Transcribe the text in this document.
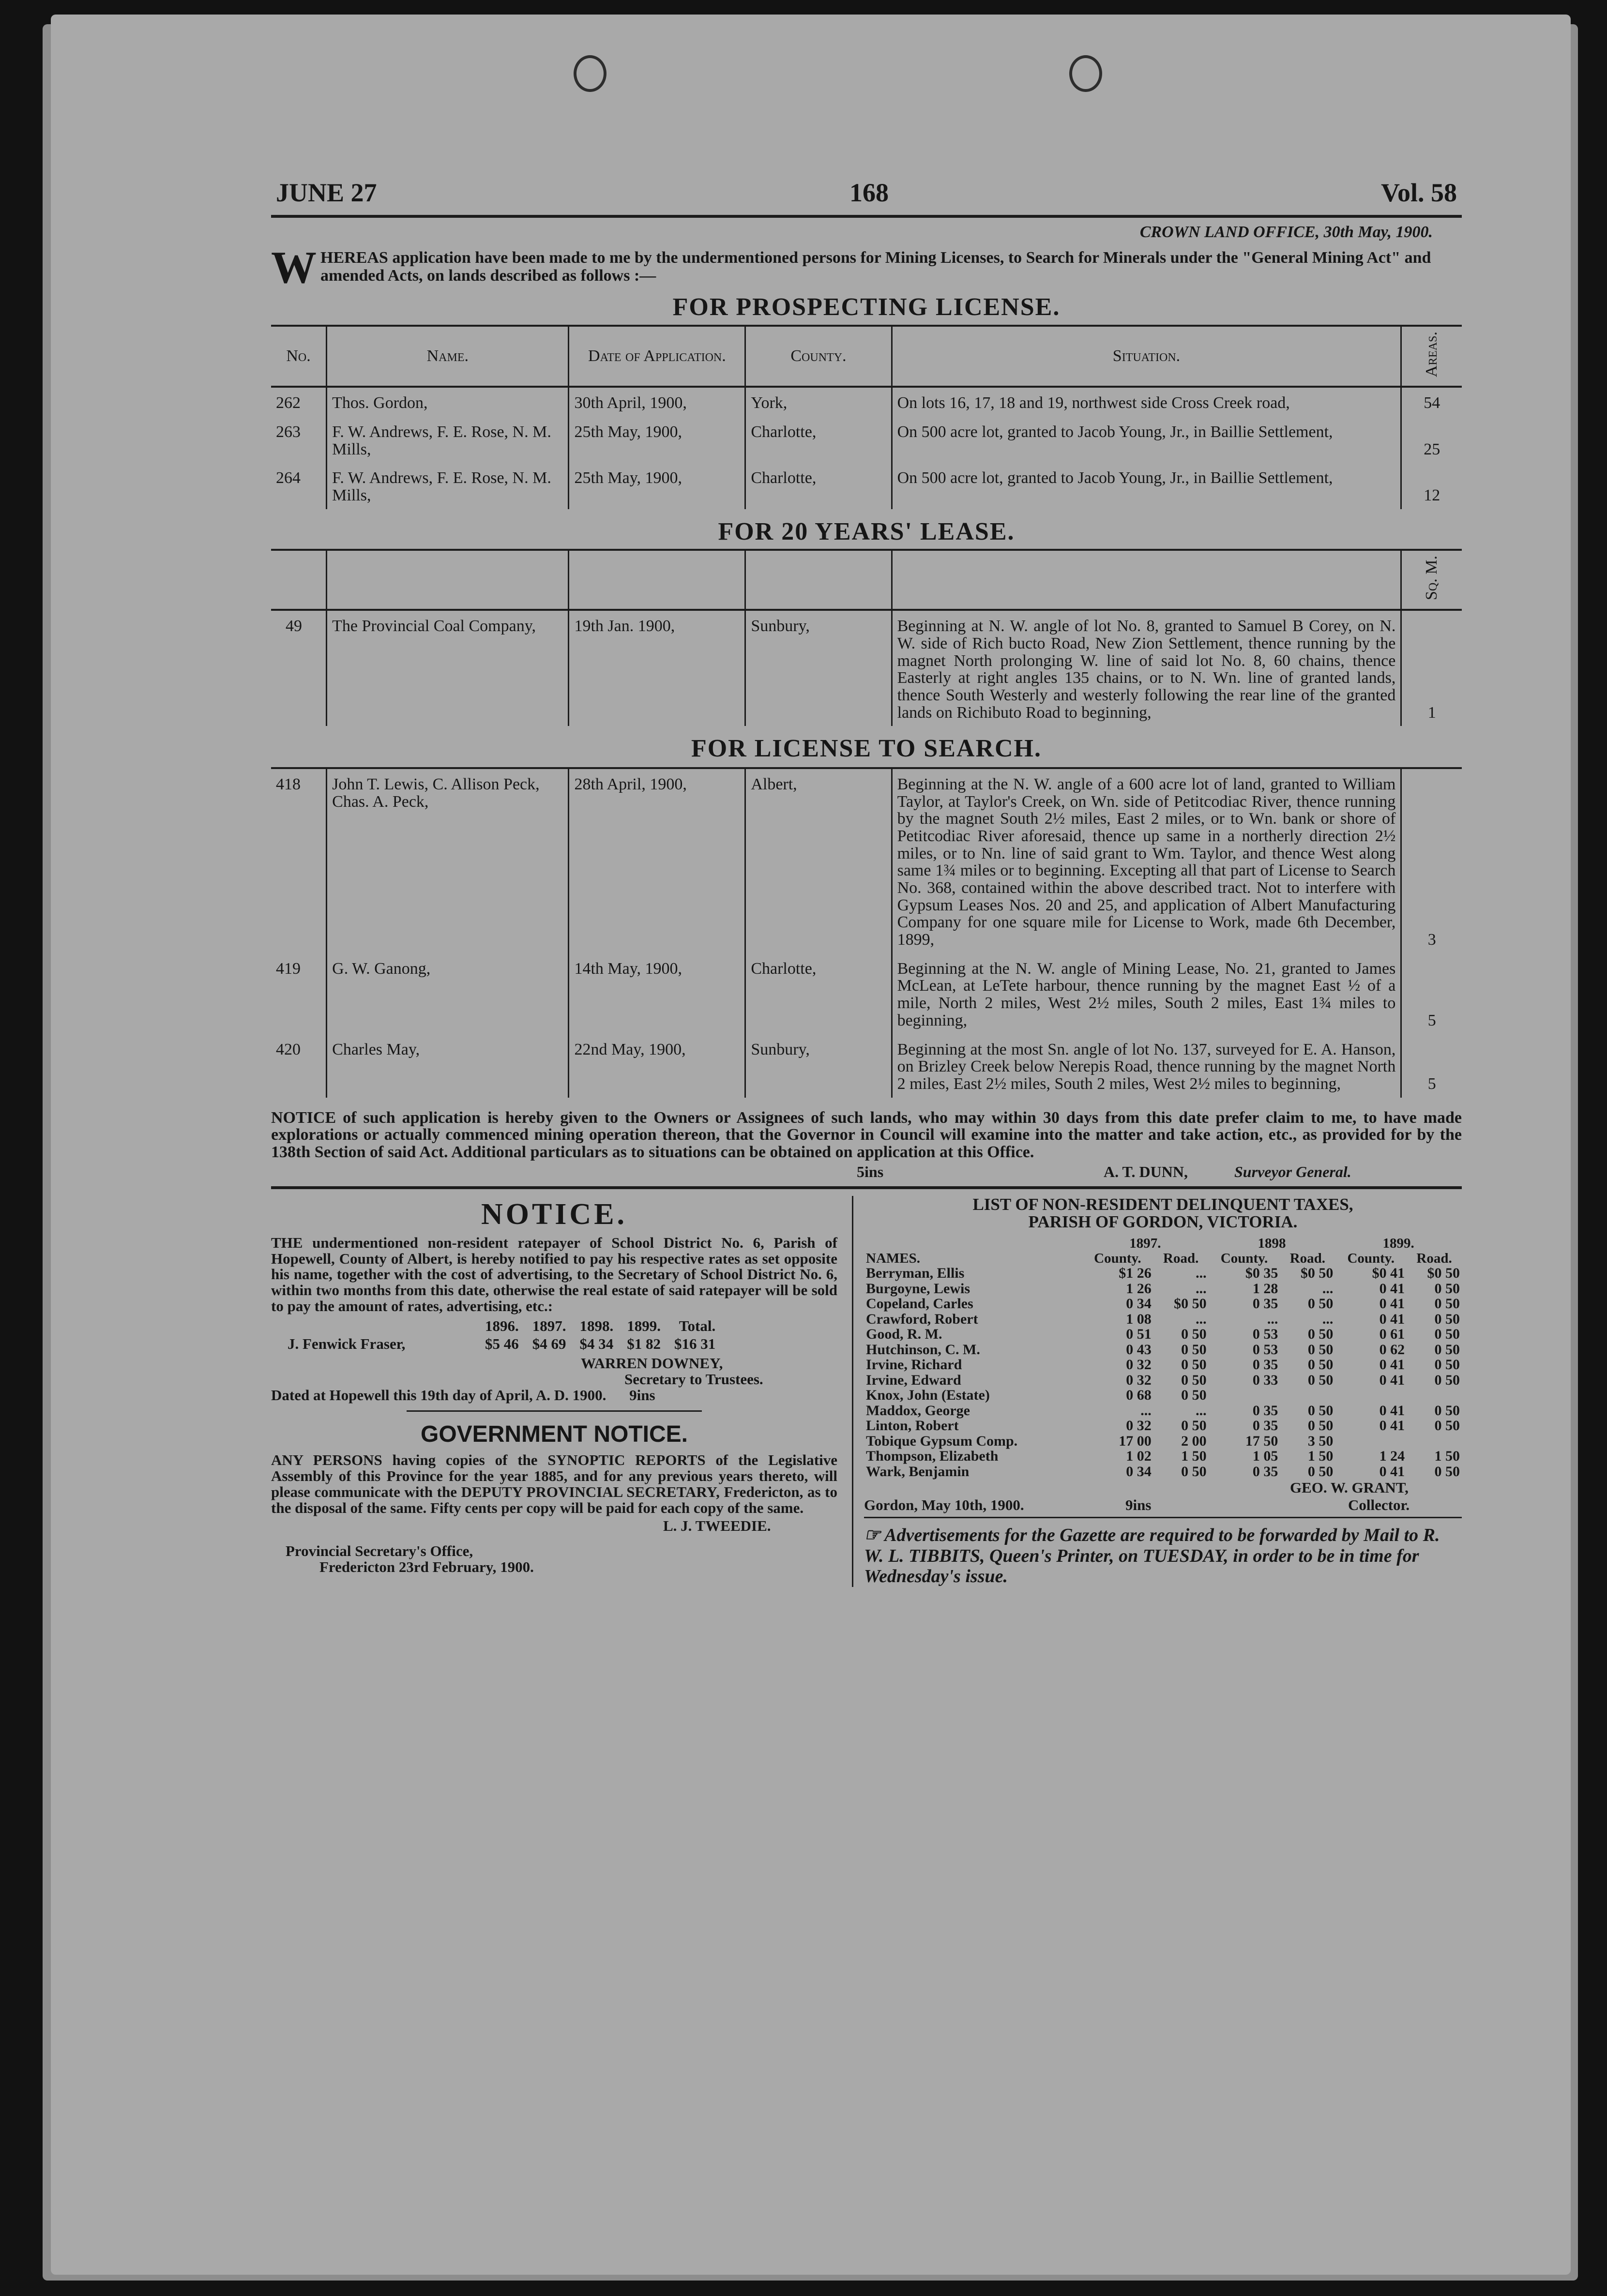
JUNE 27	168	Vol. 58
CROWN LAND OFFICE, 30th May, 1900.
W HEREAS application have been made to me by the undermentioned persons for Mining Licenses, to Search for Minerals under the "General Mining Act" and amended Acts, on lands described as follows :—
FOR PROSPECTING LICENSE.
No.	Name.	Date of Application.	County.	Situation.	Areas.
262	Thos. Gordon,	30th April, 1900,	York,	On lots 16, 17, 18 and 19, northwest side Cross Creek road,	54
263	F. W. Andrews, F. E. Rose, N. M. Mills,	25th May, 1900,	Charlotte,	On 500 acre lot, granted to Jacob Young, Jr., in Baillie Settlement,	25
264	F. W. Andrews, F. E. Rose, N. M. Mills,	25th May, 1900,	Charlotte,	On 500 acre lot, granted to Jacob Young, Jr., in Baillie Settlement,	12
FOR 20 YEARS' LEASE.
					Sq. M.
49	The Provincial Coal Company,	19th Jan. 1900,	Sunbury,	Beginning at N. W. angle of lot No. 8, granted to Samuel B Corey, on N. W. side of Rich bucto Road, New Zion Settlement, thence running by the magnet North prolonging W. line of said lot No. 8, 60 chains, thence Easterly at right angles 135 chains, or to N. Wn. line of granted lands, thence South Westerly and westerly following the rear line of the granted lands on Richibuto Road to beginning,	1
FOR LICENSE TO SEARCH.
418	John T. Lewis, C. Allison Peck, Chas. A. Peck,	28th April, 1900,	Albert,	Beginning at the N. W. angle of a 600 acre lot of land, granted to William Taylor, at Taylor's Creek, on Wn. side of Petitcodiac River, thence running by the magnet South 2½ miles, East 2 miles, or to Wn. bank or shore of Petitcodiac River aforesaid, thence up same in a northerly direction 2½ miles, or to Nn. line of said grant to Wm. Taylor, and thence West along same 1¾ miles or to beginning. Excepting all that part of License to Search No. 368, contained within the above described tract. Not to interfere with Gypsum Leases Nos. 20 and 25, and application of Albert Manufacturing Company for one square mile for License to Work, made 6th December, 1899,	3
419	G. W. Ganong,	14th May, 1900,	Charlotte,	Beginning at the N. W. angle of Mining Lease, No. 21, granted to James McLean, at LeTete harbour, thence running by the magnet East ½ of a mile, North 2 miles, West 2½ miles, South 2 miles, East 1¾ miles to beginning,	5
420	Charles May,	22nd May, 1900,	Sunbury,	Beginning at the most Sn. angle of lot No. 137, surveyed for E. A. Hanson, on Brizley Creek below Nerepis Road, thence running by the magnet North 2 miles, East 2½ miles, South 2 miles, West 2½ miles to beginning,	5
NOTICE of such application is hereby given to the Owners or Assignees of such lands, who may within 30 days from this date prefer claim to me, to have made explorations or actually commenced mining operation thereon, that the Governor in Council will examine into the matter and take action, etc., as provided for by the 138th Section of said Act. Additional particulars as to situations can be obtained on application at this Office.
5ins	A. T. DUNN,	Surveyor General.
NOTICE.
THE undermentioned non-resident ratepayer of School District No. 6, Parish of Hopewell, County of Albert, is hereby notified to pay his respective rates as set opposite his name, together with the cost of advertising, to the Secretary of School District No. 6, within two months from this date, otherwise the real estate of said ratepayer will be sold to pay the amount of rates, advertising, etc.:
	1896.	1897.	1898.	1899.	Total.
J. Fenwick Fraser,	$5 46	$4 69	$4 34	$1 82	$16 31
WARREN DOWNEY,
Secretary to Trustees.
Dated at Hopewell this 19th day of April, A. D. 1900. 9ins
GOVERNMENT NOTICE.
ANY PERSONS having copies of the SYNOPTIC REPORTS of the Legislative Assembly of this Province for the year 1885, and for any previous years thereto, will please communicate with the DEPUTY PROVINCIAL SECRETARY, Fredericton, as to the disposal of the same. Fifty cents per copy will be paid for each copy of the same.
L. J. TWEEDIE.
Provincial Secretary's Office,
Fredericton 23rd February, 1900.
LIST OF NON-RESIDENT DELINQUENT TAXES,
PARISH OF GORDON, VICTORIA.
	1897.		1898		1899.	
NAMES.	County.	Road.	County.	Road.	County.	Road.
Berryman, Ellis	$1 26	...	$0 35	$0 50	$0 41	$0 50
Burgoyne, Lewis	1 26	...	1 28	...	0 41	0 50
Copeland, Carles	0 34	$0 50	0 35	0 50	0 41	0 50
Crawford, Robert	1 08	...	...	...	0 41	0 50
Good, R. M.	0 51	0 50	0 53	0 50	0 61	0 50
Hutchinson, C. M.	0 43	0 50	0 53	0 50	0 62	0 50
Irvine, Richard	0 32	0 50	0 35	0 50	0 41	0 50
Irvine, Edward	0 32	0 50	0 33	0 50	0 41	0 50
Knox, John (Estate)	0 68	0 50				
Maddox, George	...	...	0 35	0 50	0 41	0 50
Linton, Robert	0 32	0 50	0 35	0 50	0 41	0 50
Tobique Gypsum Comp.	17 00	2 00	17 50	3 50		
Thompson, Elizabeth	1 02	1 50	1 05	1 50	1 24	1 50
Wark, Benjamin	0 34	0 50	0 35	0 50	0 41	0 50
GEO. W. GRANT,
Gordon, May 10th, 1900.	9ins	Collector.
☞ Advertisements for the Gazette are required to be forwarded by Mail to R. W. L. TIBBITS, Queen's Printer, on TUESDAY, in order to be in time for Wednesday's issue.
